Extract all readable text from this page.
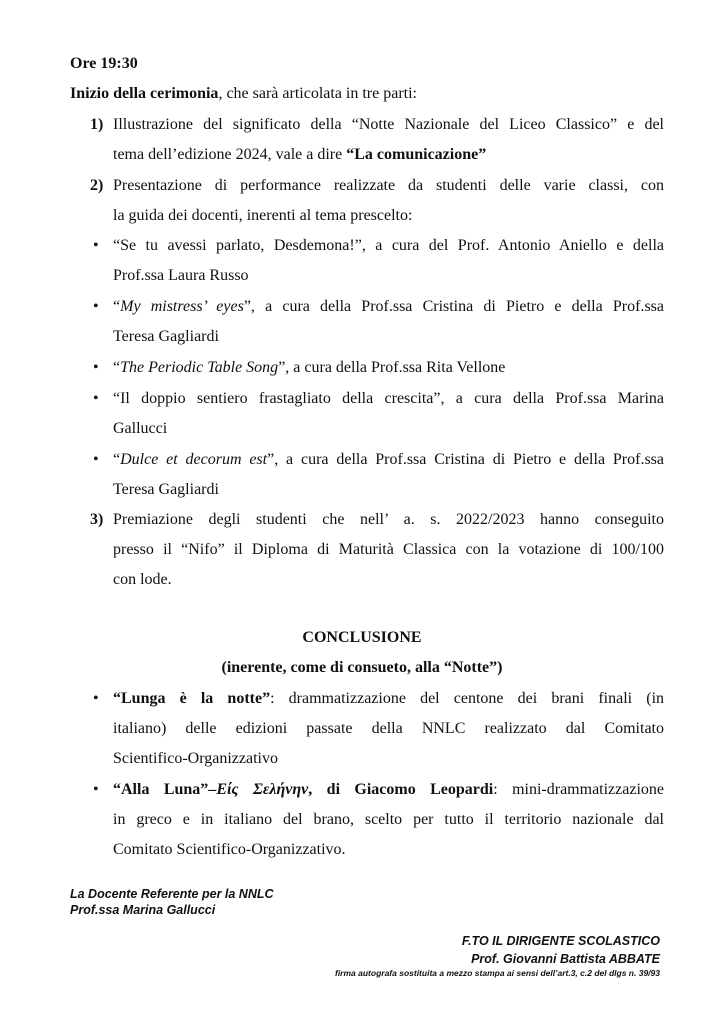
Ore 19:30
Inizio della cerimonia, che sarà articolata in tre parti:
1) Illustrazione del significato della “Notte Nazionale del Liceo Classico” e del
tema dell’edizione 2024, vale a dire “La comunicazione”
2) Presentazione di performance realizzate da studenti delle varie classi, con
la guida dei docenti, inerenti al tema prescelto:
• “Se tu avessi parlato, Desdemona!”, a cura del Prof. Antonio Aniello e della
Prof.ssa Laura Russo
• “My mistress’ eyes”, a cura della Prof.ssa Cristina di Pietro e della Prof.ssa
Teresa Gagliardi
• “The Periodic Table Song”, a cura della Prof.ssa Rita Vellone
• “Il doppio sentiero frastagliato della crescita”, a cura della Prof.ssa Marina
Gallucci
• “Dulce et decorum est”, a cura della Prof.ssa Cristina di Pietro e della Prof.ssa
Teresa Gagliardi
3) Premiazione degli studenti che nell’ a. s. 2022/2023 hanno conseguito
presso il “Nifo” il Diploma di Maturità Classica con la votazione di 100/100
con lode.
CONCLUSIONE
(inerente, come di consueto, alla “Notte”)
• “Lunga è la notte”: drammatizzazione del centone dei brani finali (in
italiano) delle edizioni passate della NNLC realizzato dal Comitato
Scientifico-Organizzativo
• “Alla Luna”–Είς Σελήνην, di Giacomo Leopardi: mini-drammatizzazione
in greco e in italiano del brano, scelto per tutto il territorio nazionale dal
Comitato Scientifico-Organizzativo.
La Docente Referente per la NNLC
Prof.ssa Marina Gallucci
F.TO IL DIRIGENTE SCOLASTICO
Prof. Giovanni Battista ABBATE
firma autografa sostituita a mezzo stampa ai sensi dell’art.3, c.2 del dlgs n. 39/93
